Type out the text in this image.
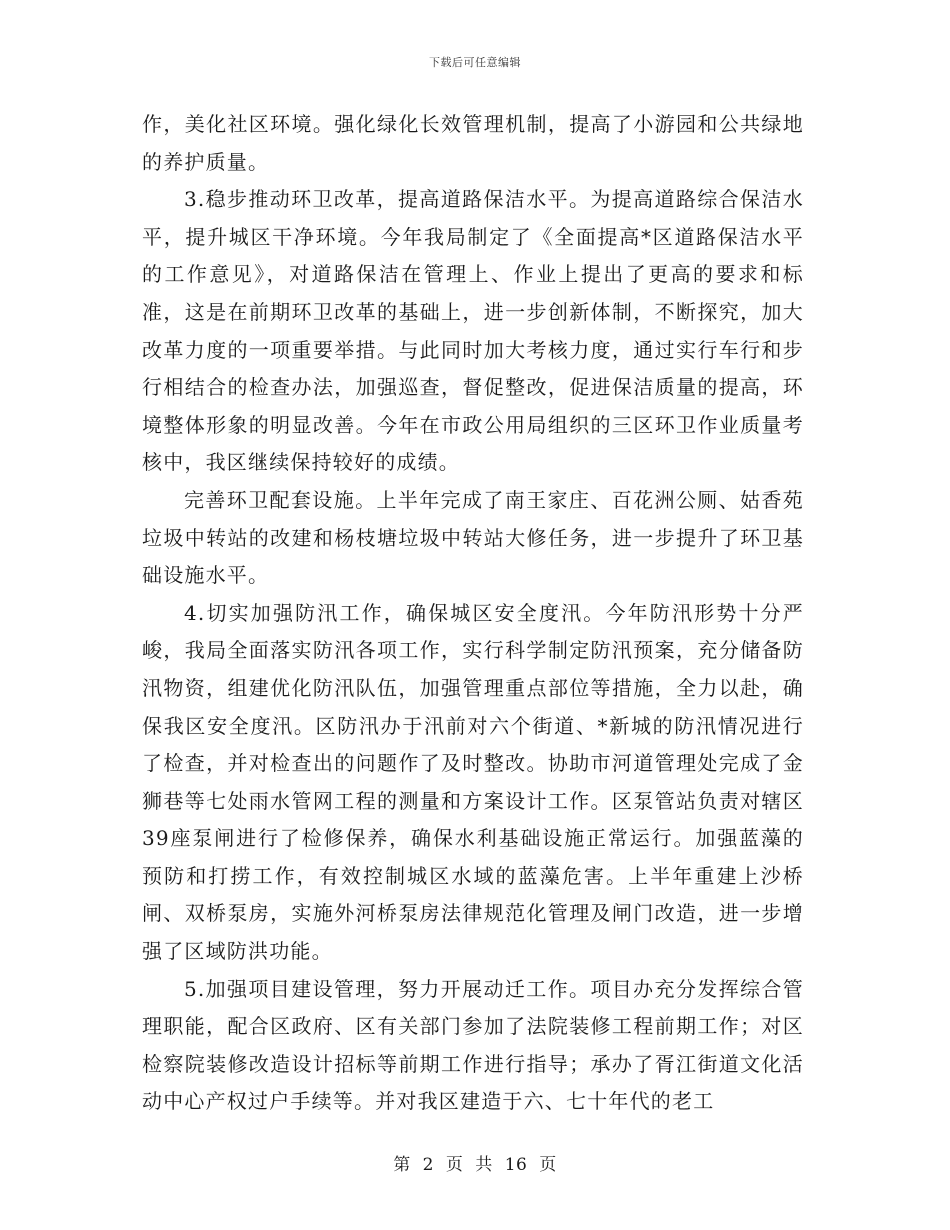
下载后可任意编辑

作，美化社区环境。强化绿化长效管理机制，提高了小游园和公共绿地的养护质量。

3.稳步推动环卫改革，提高道路保洁水平。为提高道路综合保洁水平，提升城区干净环境。今年我局制定了《全面提高*区道路保洁水平的工作意见》，对道路保洁在管理上、作业上提出了更高的要求和标准，这是在前期环卫改革的基础上，进一步创新体制，不断探究，加大改革力度的一项重要举措。与此同时加大考核力度，通过实行车行和步行相结合的检查办法，加强巡查，督促整改，促进保洁质量的提高，环境整体形象的明显改善。今年在市政公用局组织的三区环卫作业质量考核中，我区继续保持较好的成绩。

完善环卫配套设施。上半年完成了南王家庄、百花洲公厕、姑香苑垃圾中转站的改建和杨枝塘垃圾中转站大修任务，进一步提升了环卫基础设施水平。

4.切实加强防汛工作，确保城区安全度汛。今年防汛形势十分严峻，我局全面落实防汛各项工作，实行科学制定防汛预案，充分储备防汛物资，组建优化防汛队伍，加强管理重点部位等措施，全力以赴，确保我区安全度汛。区防汛办于汛前对六个街道、*新城的防汛情况进行了检查，并对检查出的问题作了及时整改。协助市河道管理处完成了金狮巷等七处雨水管网工程的测量和方案设计工作。区泵管站负责对辖区39座泵闸进行了检修保养，确保水利基础设施正常运行。加强蓝藻的预防和打捞工作，有效控制城区水域的蓝藻危害。上半年重建上沙桥闸、双桥泵房，实施外河桥泵房法律规范化管理及闸门改造，进一步增强了区域防洪功能。

5.加强项目建设管理，努力开展动迁工作。项目办充分发挥综合管理职能，配合区政府、区有关部门参加了法院装修工程前期工作；对区检察院装修改造设计招标等前期工作进行指导；承办了胥江街道文化活动中心产权过户手续等。并对我区建造于六、七十年代的老工

第 2 页 共 16 页
